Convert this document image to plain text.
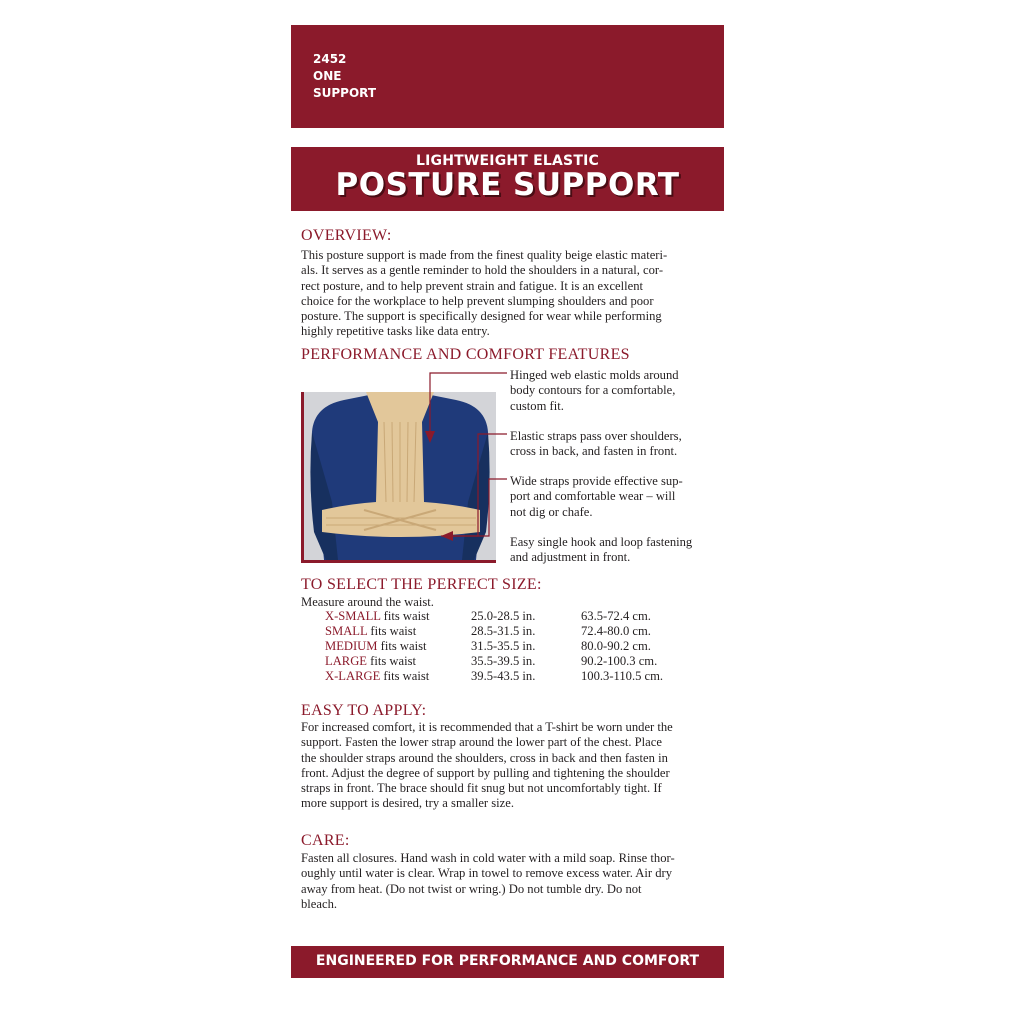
2452
ONE
SUPPORT
LIGHTWEIGHT ELASTIC
POSTURE SUPPORT
OVERVIEW:
This posture support is made from the finest quality beige elastic materi-
als. It serves as a gentle reminder to hold the shoulders in a natural, cor-
rect posture, and to help prevent strain and fatigue. It is an excellent
choice for the workplace to help prevent slumping shoulders and poor
posture. The support is specifically designed for wear while performing
highly repetitive tasks like data entry.
PERFORMANCE AND COMFORT FEATURES
Hinged web elastic molds around
body contours for a comfortable,
custom fit.
Elastic straps pass over shoulders,
cross in back, and fasten in front.
Wide straps provide effective sup-
port and comfortable wear – will
not dig or chafe.
Easy single hook and loop fastening
and adjustment in front.
TO SELECT THE PERFECT SIZE:
Measure around the waist.
X-SMALL fits waist	25.0-28.5 in.	63.5-72.4 cm.
SMALL fits waist	28.5-31.5 in.	72.4-80.0 cm.
MEDIUM fits waist	31.5-35.5 in.	80.0-90.2 cm.
LARGE fits waist	35.5-39.5 in.	90.2-100.3 cm.
X-LARGE fits waist	39.5-43.5 in.	100.3-110.5 cm.
EASY TO APPLY:
For increased comfort, it is recommended that a T-shirt be worn under the
support. Fasten the lower strap around the lower part of the chest. Place
the shoulder straps around the shoulders, cross in back and then fasten in
front. Adjust the degree of support by pulling and tightening the shoulder
straps in front. The brace should fit snug but not uncomfortably tight. If
more support is desired, try a smaller size.
CARE:
Fasten all closures. Hand wash in cold water with a mild soap. Rinse thor-
oughly until water is clear. Wrap in towel to remove excess water. Air dry
away from heat. (Do not twist or wring.) Do not tumble dry. Do not
bleach.
ENGINEERED FOR PERFORMANCE AND COMFORT
